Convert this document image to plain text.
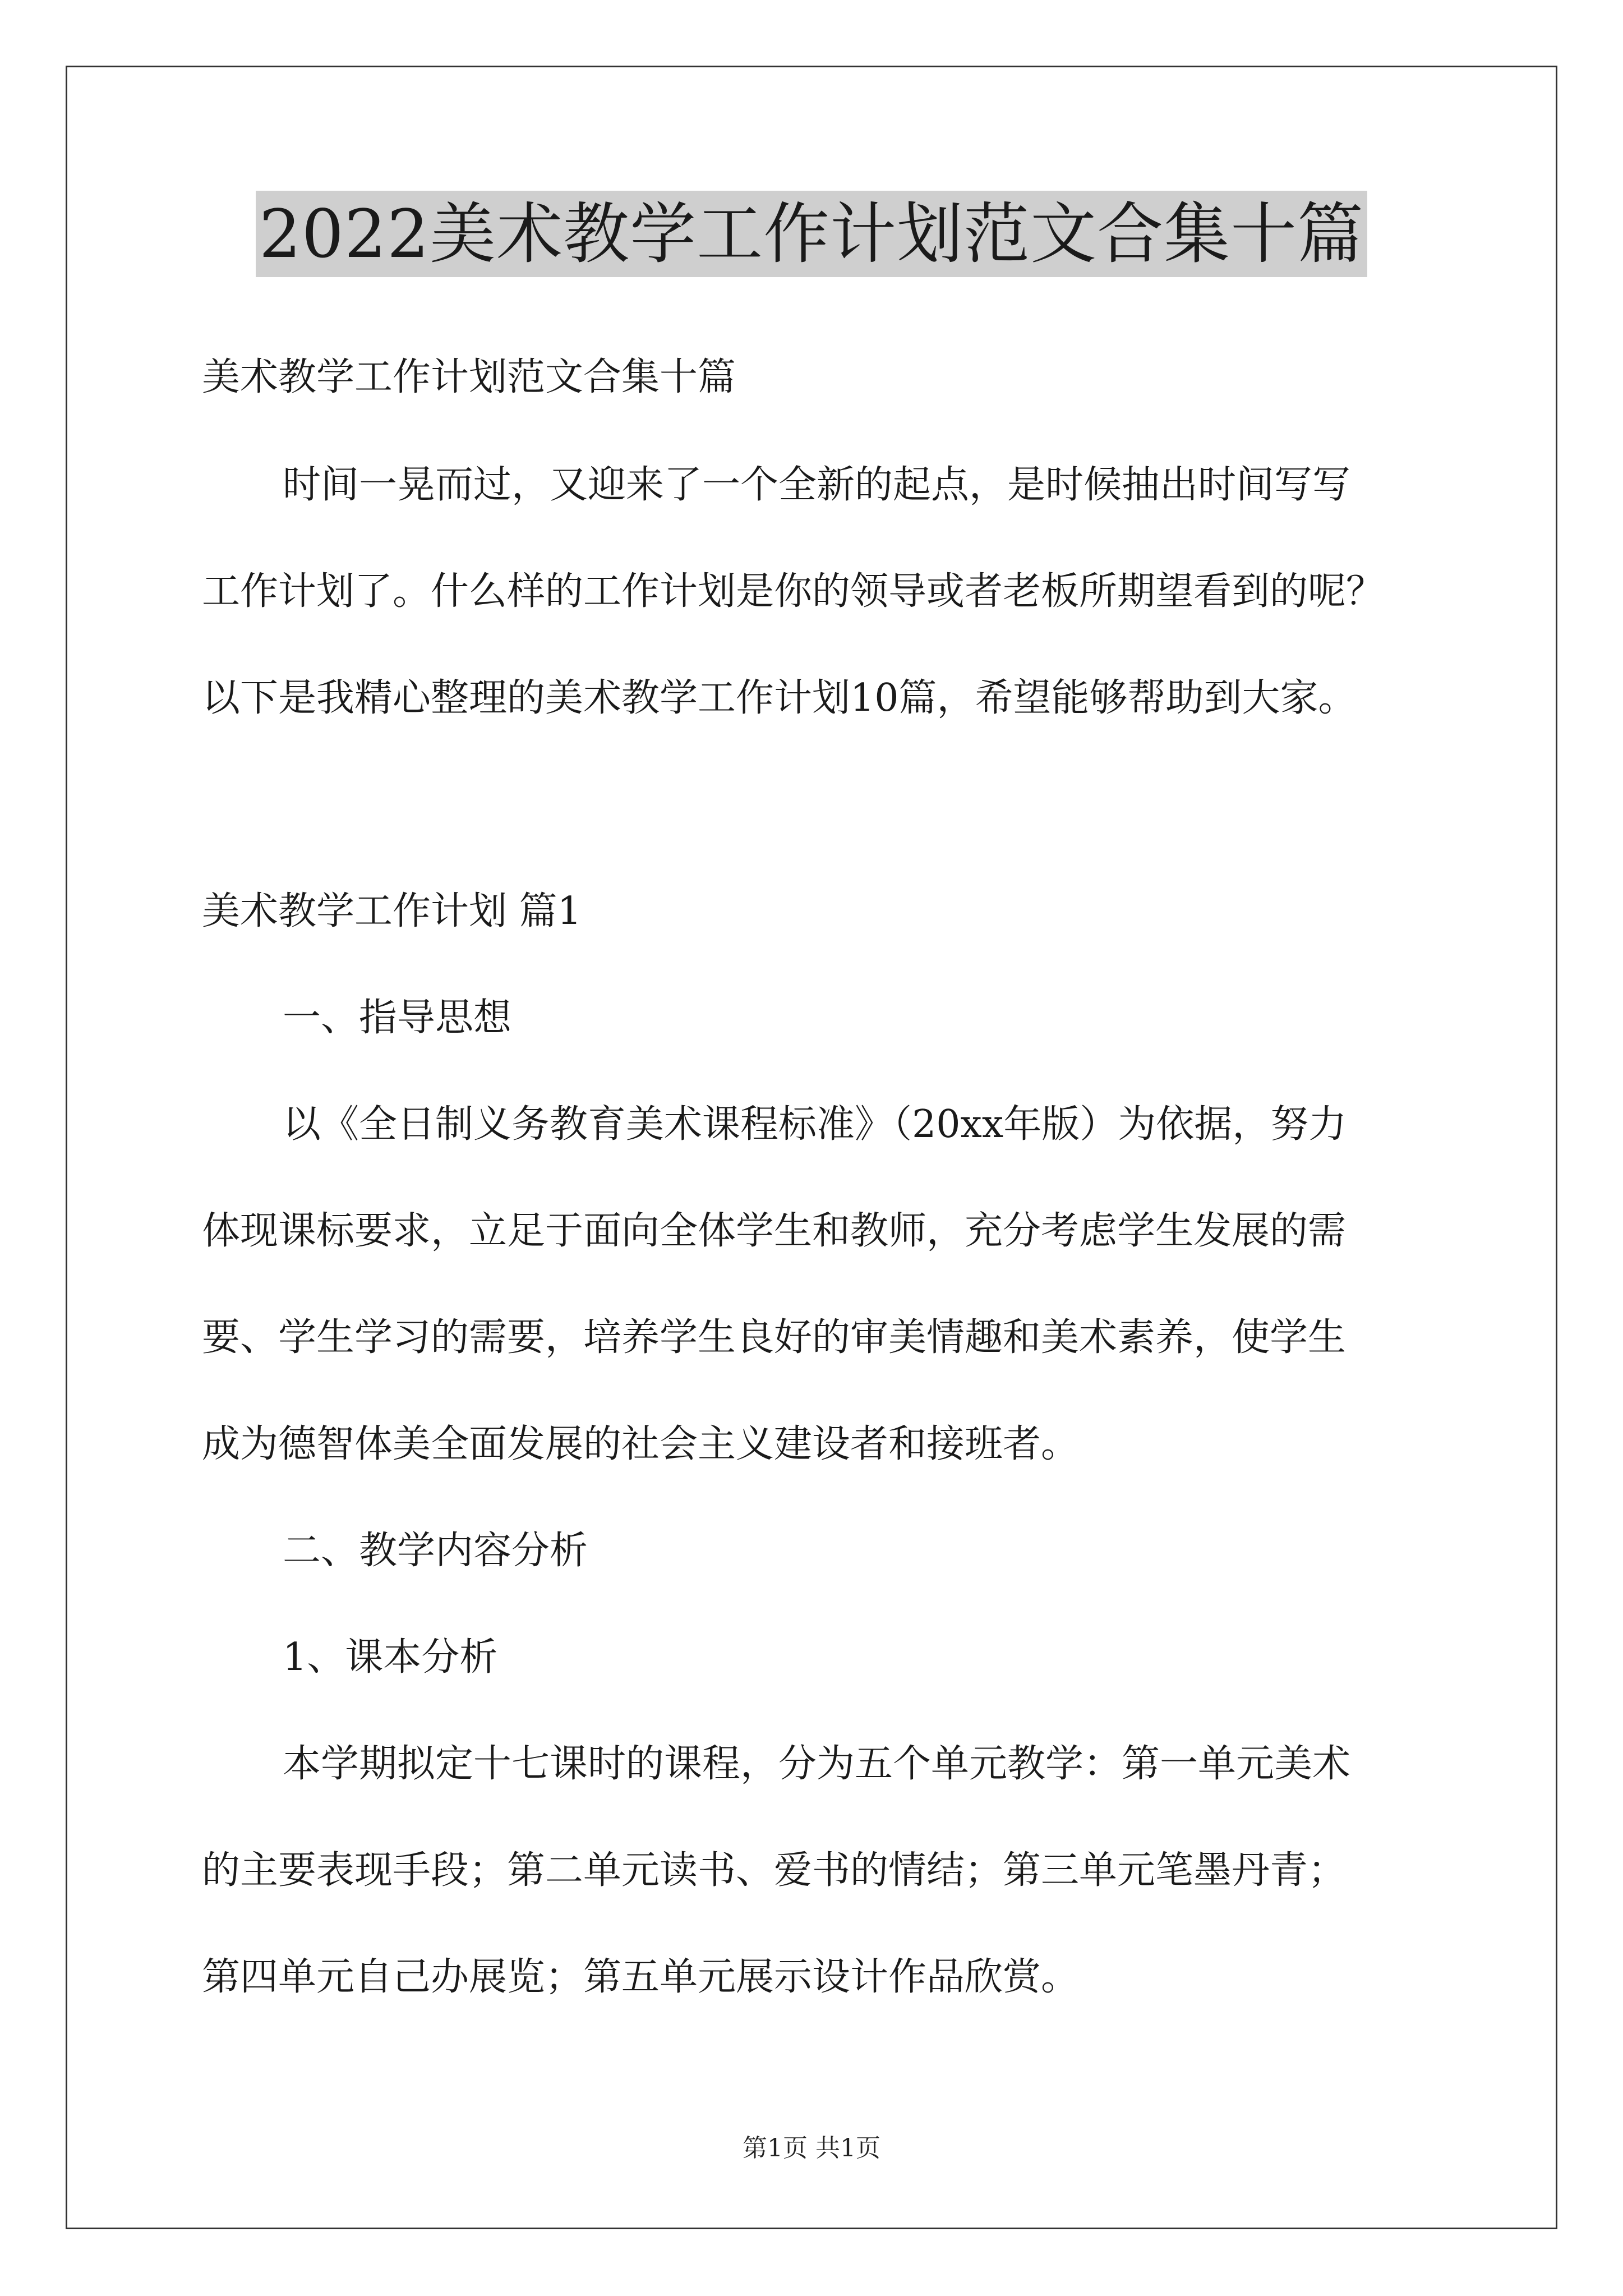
2022美术教学工作计划范文合集十篇
美术教学工作计划范文合集十篇
时间一晃而过，又迎来了一个全新的起点，是时候抽出时间写写
工作计划了。什么样的工作计划是你的领导或者老板所期望看到的呢？
以下是我精心整理的美术教学工作计划10篇，希望能够帮助到大家。
美术教学工作计划 篇1
一、指导思想
以《全日制义务教育美术课程标准》（20xx年版）为依据，努力
体现课标要求，立足于面向全体学生和教师，充分考虑学生发展的需
要、学生学习的需要，培养学生良好的审美情趣和美术素养，使学生
成为德智体美全面发展的社会主义建设者和接班者。
二、教学内容分析
1、课本分析
本学期拟定十七课时的课程，分为五个单元教学：第一单元美术
的主要表现手段；第二单元读书、爱书的情结；第三单元笔墨丹青；
第四单元自己办展览；第五单元展示设计作品欣赏。
第1页 共1页
